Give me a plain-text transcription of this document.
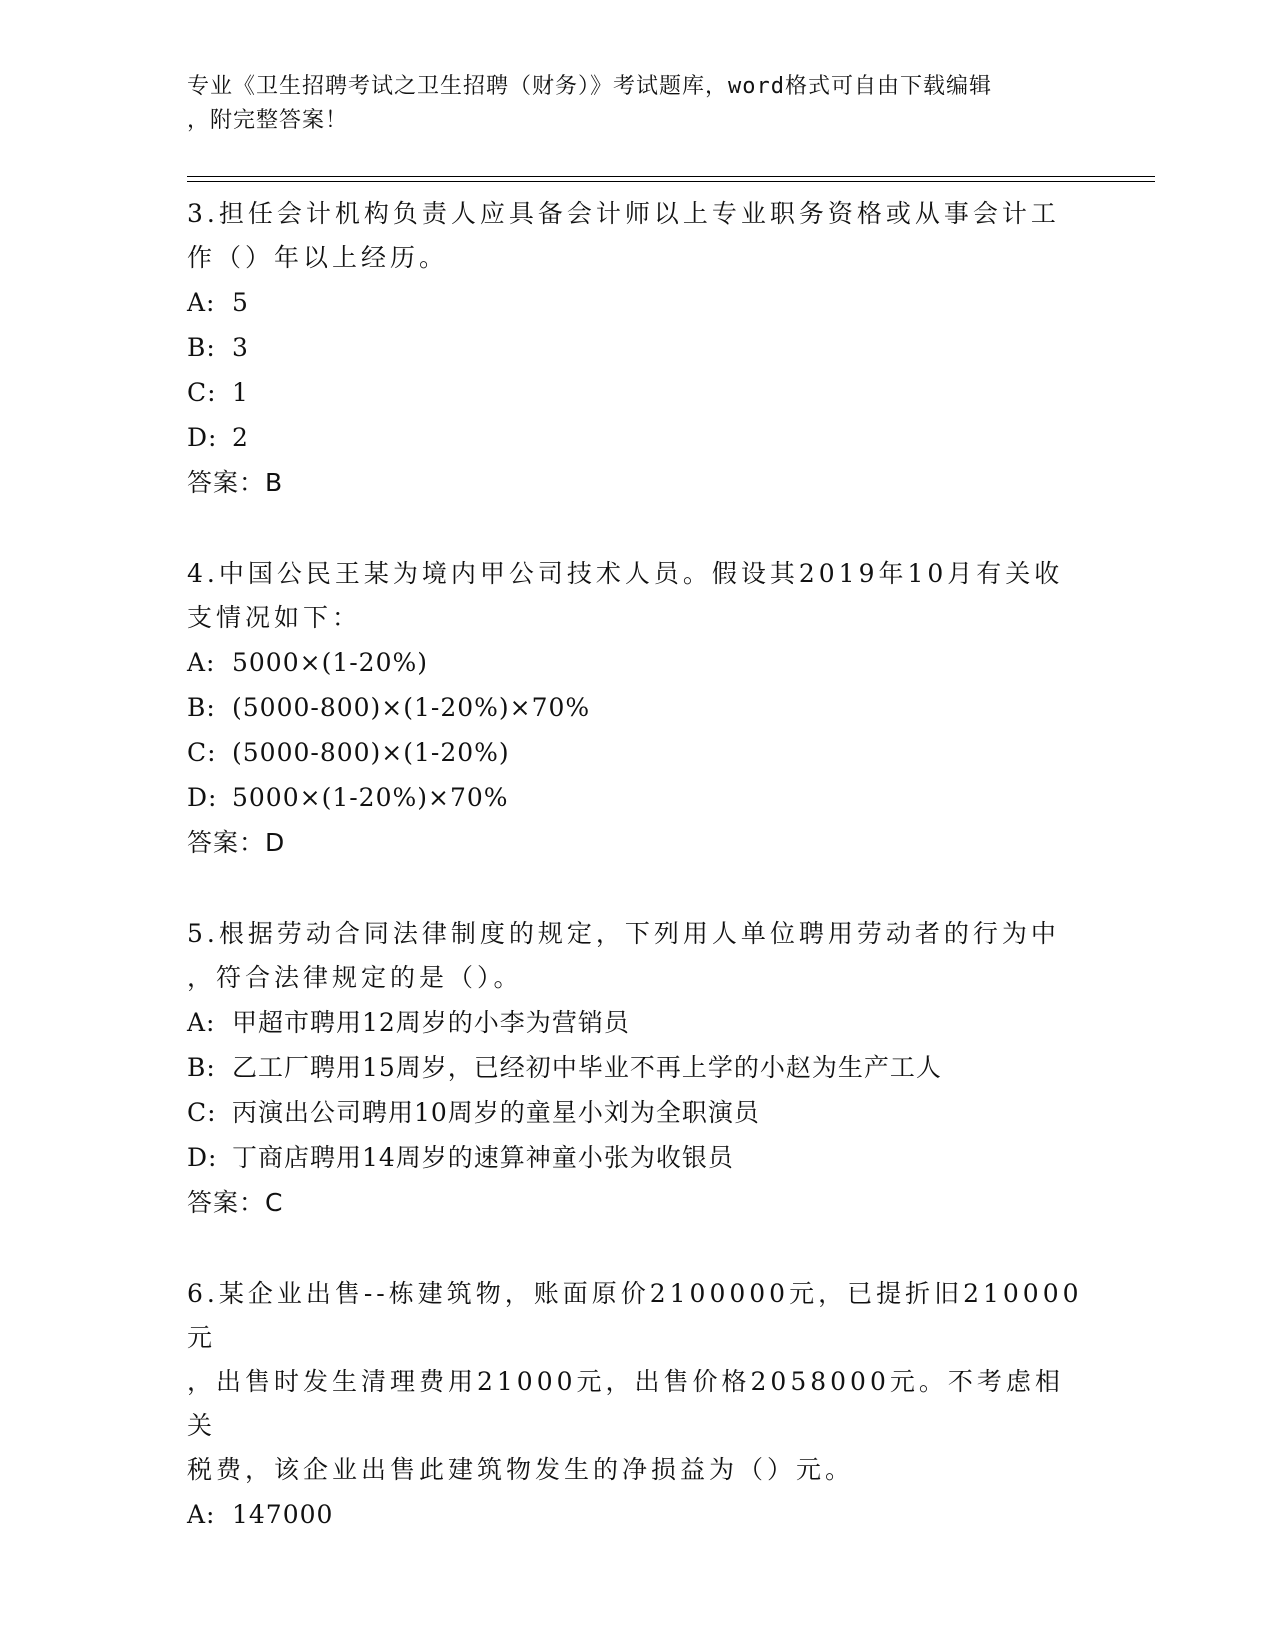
专业《卫生招聘考试之卫生招聘（财务）》考试题库，word格式可自由下载编辑
，附完整答案！

3.担任会计机构负责人应具备会计师以上专业职务资格或从事会计工

作（）年以上经历。

A: 5

B: 3

C: 1

D: 2

答案：B

4.中国公民王某为境内甲公司技术人员。假设其2019年10月有关收

支情况如下：

A: 5000×(1-20%)

B: (5000-800)×(1-20%)×70%

C: (5000-800)×(1-20%)

D: 5000×(1-20%)×70%

答案：D

5.根据劳动合同法律制度的规定，下列用人单位聘用劳动者的行为中

，符合法律规定的是（）。

A: 甲超市聘用12周岁的小李为营销员

B: 乙工厂聘用15周岁，已经初中毕业不再上学的小赵为生产工人

C: 丙演出公司聘用10周岁的童星小刘为全职演员

D: 丁商店聘用14周岁的速算神童小张为收银员

答案：C

6.某企业出售--栋建筑物，账面原价2100000元，已提折旧210000元

，出售时发生清理费用21000元，出售价格2058000元。不考虑相关

税费，该企业出售此建筑物发生的净损益为（）元。

A: 147000
